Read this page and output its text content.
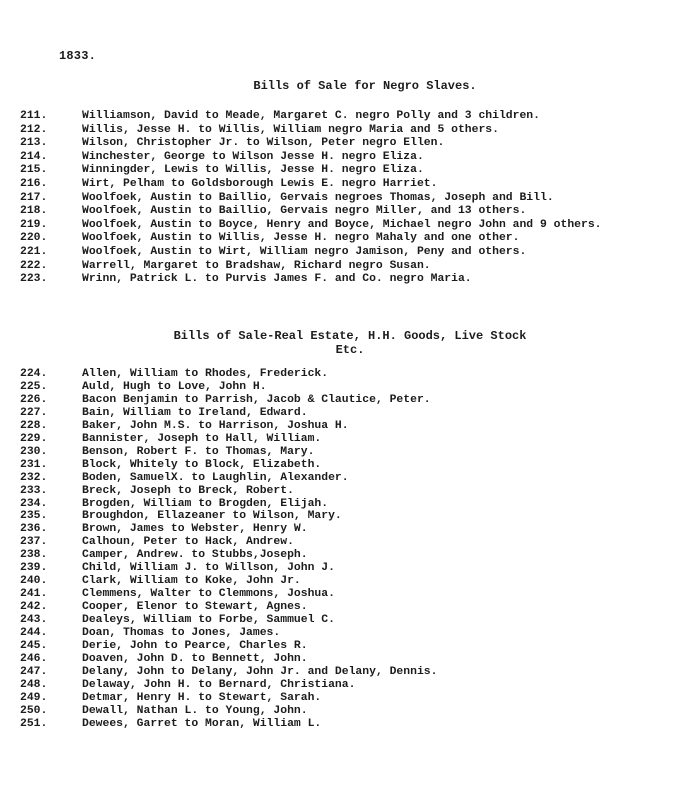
1833.
Bills of Sale for Negro Slaves.
211.	Williamson, David to Meade, Margaret C. negro Polly and 3 children.
212.	Willis, Jesse H. to Willis, William negro Maria and 5 others.
213.	Wilson, Christopher Jr. to Wilson, Peter negro Ellen.
214.	Winchester, George to Wilson Jesse H. negro Eliza.
215.	Winningder, Lewis to Willis, Jesse H. negro Eliza.
216.	Wirt, Pelham to Goldsborough Lewis E. negro Harriet.
217.	Woolfoek, Austin to Baillio, Gervais negroes Thomas, Joseph and Bill.
218.	Woolfoek, Austin to Baillio, Gervais negro Miller, and 13 others.
219.	Woolfoek, Austin to Boyce, Henry and Boyce, Michael negro John and 9 others.
220.	Woolfoek, Austin to Willis, Jesse H. negro Mahaly and one other.
221.	Woolfoek, Austin to Wirt, William negro Jamison, Peny and others.
222.	Warrell, Margaret to Bradshaw, Richard negro Susan.
223.	Wrinn, Patrick L. to Purvis James F. and Co. negro Maria.
Bills of Sale-Real Estate, H.H. Goods, Live Stock
Etc.
224.	Allen, William to Rhodes, Frederick.
225.	Auld, Hugh to Love, John H.
226.	Bacon Benjamin to Parrish, Jacob & Clautice, Peter.
227.	Bain, William to Ireland, Edward.
228.	Baker, John M.S. to Harrison, Joshua H.
229.	Bannister, Joseph to Hall, William.
230.	Benson, Robert F. to Thomas, Mary.
231.	Block, Whitely to Block, Elizabeth.
232.	Boden, SamuelX. to Laughlin, Alexander.
233.	Breck, Joseph to Breck, Robert.
234.	Brogden, William to Brogden, Elijah.
235.	Broughdon, Ellazeaner to Wilson, Mary.
236.	Brown, James to Webster, Henry W.
237.	Calhoun, Peter to Hack, Andrew.
238.	Camper, Andrew. to Stubbs,Joseph.
239.	Child, William J. to Willson, John J.
240.	Clark, William to Koke, John Jr.
241.	Clemmens, Walter to Clemmons, Joshua.
242.	Cooper, Elenor to Stewart, Agnes.
243.	Dealeys, William to Forbe, Sammuel C.
244.	Doan, Thomas to Jones, James.
245.	Derie, John to Pearce, Charles R.
246.	Doaven, John D. to Bennett, John.
247.	Delany, John to Delany, John Jr. and Delany, Dennis.
248.	Delaway, John H. to Bernard, Christiana.
249.	Detmar, Henry H. to Stewart, Sarah.
250.	Dewall, Nathan L. to Young, John.
251.	Dewees, Garret to Moran, William L.
